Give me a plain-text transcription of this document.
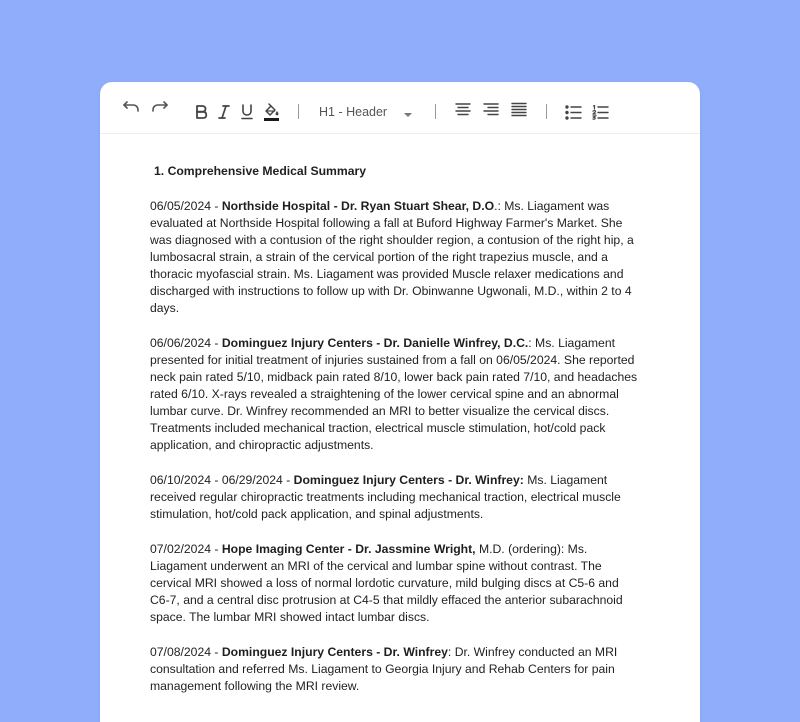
H1 - Header
1. Comprehensive Medical Summary

06/05/2024 - Northside Hospital - Dr. Ryan Stuart Shear, D.O.: Ms. Liagament was evaluated at Northside Hospital following a fall at Buford Highway Farmer's Market. She was diagnosed with a contusion of the right shoulder region, a contusion of the right hip, a lumbosacral strain, a strain of the cervical portion of the right trapezius muscle, and a thoracic myofascial strain. Ms. Liagament was provided Muscle relaxer medications and discharged with instructions to follow up with Dr. Obinwanne Ugwonali, M.D., within 2 to 4 days.

06/06/2024 - Dominguez Injury Centers - Dr. Danielle Winfrey, D.C.: Ms. Liagament presented for initial treatment of injuries sustained from a fall on 06/05/2024. She reported neck pain rated 5/10, midback pain rated 8/10, lower back pain rated 7/10, and headaches rated 6/10. X-rays revealed a straightening of the lower cervical spine and an abnormal lumbar curve. Dr. Winfrey recommended an MRI to better visualize the cervical discs. Treatments included mechanical traction, electrical muscle stimulation, hot/cold pack application, and chiropractic adjustments.

06/10/2024 - 06/29/2024 - Dominguez Injury Centers - Dr. Winfrey: Ms. Liagament received regular chiropractic treatments including mechanical traction, electrical muscle stimulation, hot/cold pack application, and spinal adjustments.

07/02/2024 - Hope Imaging Center - Dr. Jassmine Wright, M.D. (ordering): Ms. Liagament underwent an MRI of the cervical and lumbar spine without contrast. The cervical MRI showed a loss of normal lordotic curvature, mild bulging discs at C5-6 and C6-7, and a central disc protrusion at C4-5 that mildly effaced the anterior subarachnoid space. The lumbar MRI showed intact lumbar discs.

07/08/2024 - Dominguez Injury Centers - Dr. Winfrey: Dr. Winfrey conducted an MRI consultation and referred Ms. Liagament to Georgia Injury and Rehab Centers for pain management following the MRI review.
